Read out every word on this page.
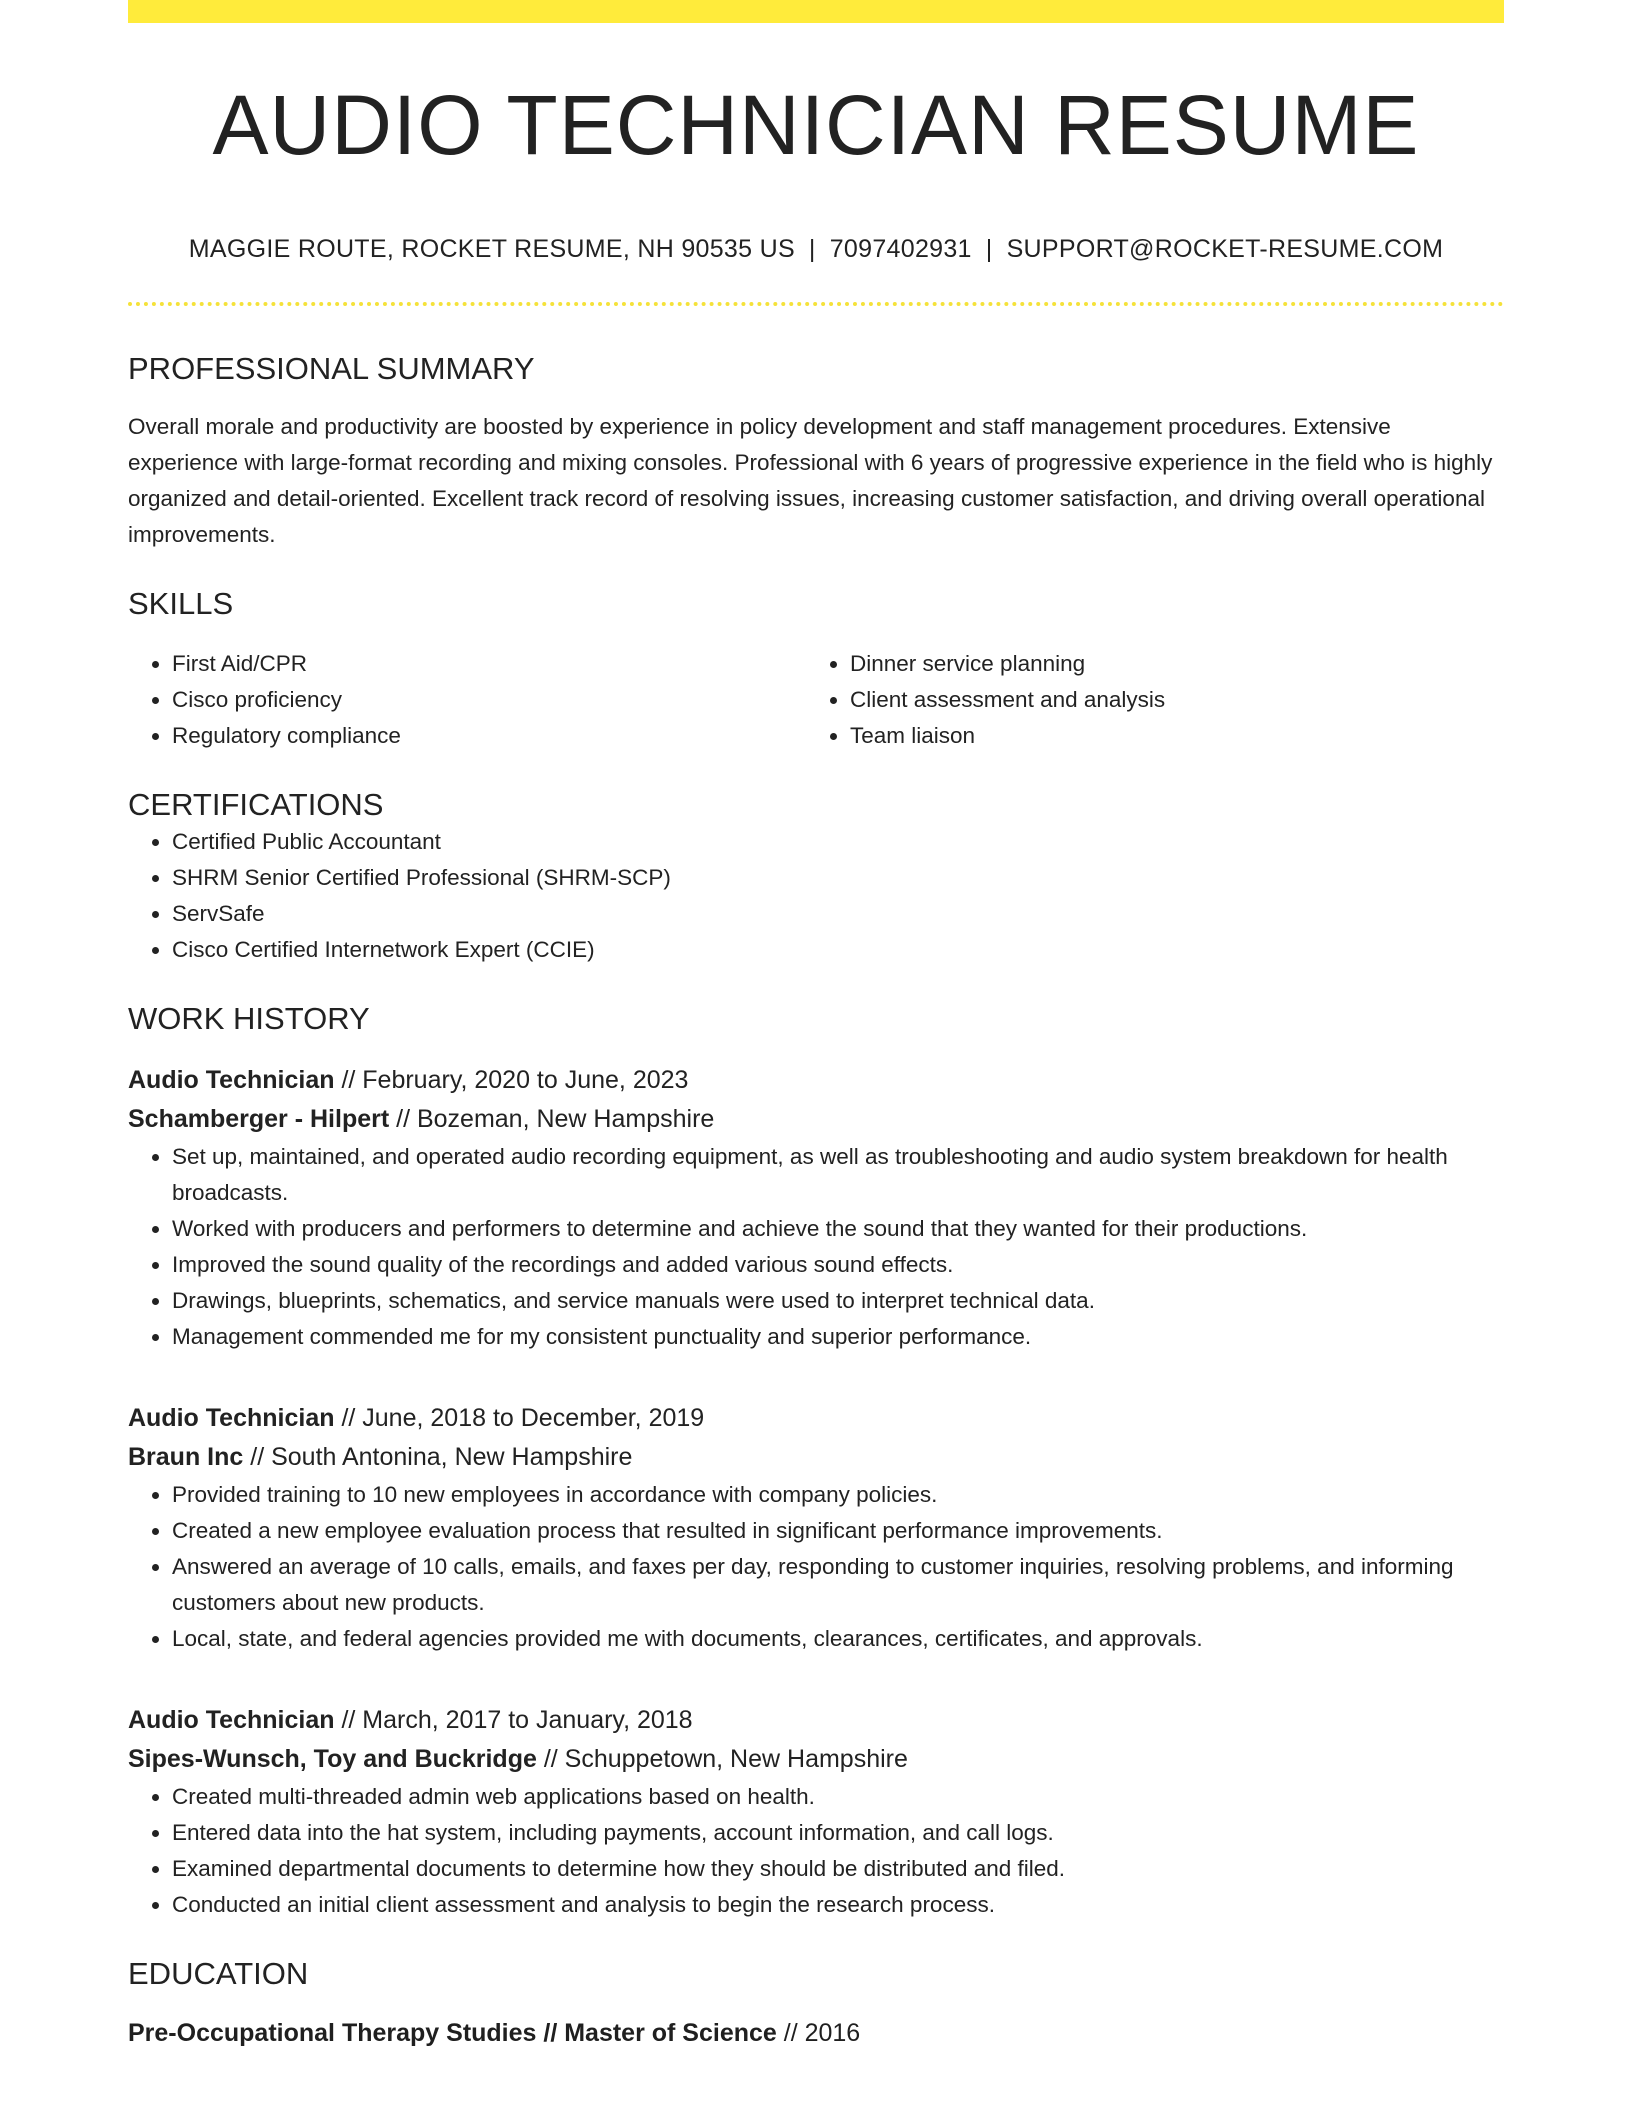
AUDIO TECHNICIAN RESUME
MAGGIE ROUTE, ROCKET RESUME, NH 90535 US | 7097402931 | SUPPORT@ROCKET-RESUME.COM
PROFESSIONAL SUMMARY

Overall morale and productivity are boosted by experience in policy development and staff management procedures. Extensive experience with large-format recording and mixing consoles. Professional with 6 years of progressive experience in the field who is highly organized and detail-oriented. Excellent track record of resolving issues, increasing customer satisfaction, and driving overall operational improvements.

SKILLS
• First Aid/CPR
• Cisco proficiency
• Regulatory compliance
• Dinner service planning
• Client assessment and analysis
• Team liaison
CERTIFICATIONS
• Certified Public Accountant
• SHRM Senior Certified Professional (SHRM-SCP)
• ServSafe
• Cisco Certified Internetwork Expert (CCIE)
WORK HISTORY
Audio Technician // February, 2020 to June, 2023
Schamberger - Hilpert // Bozeman, New Hampshire
• Set up, maintained, and operated audio recording equipment, as well as troubleshooting and audio system breakdown for health broadcasts.
• Worked with producers and performers to determine and achieve the sound that they wanted for their productions.
• Improved the sound quality of the recordings and added various sound effects.
• Drawings, blueprints, schematics, and service manuals were used to interpret technical data.
• Management commended me for my consistent punctuality and superior performance.
Audio Technician // June, 2018 to December, 2019
Braun Inc // South Antonina, New Hampshire
• Provided training to 10 new employees in accordance with company policies.
• Created a new employee evaluation process that resulted in significant performance improvements.
• Answered an average of 10 calls, emails, and faxes per day, responding to customer inquiries, resolving problems, and informing customers about new products.
• Local, state, and federal agencies provided me with documents, clearances, certificates, and approvals.
Audio Technician // March, 2017 to January, 2018
Sipes-Wunsch, Toy and Buckridge // Schuppetown, New Hampshire
• Created multi-threaded admin web applications based on health.
• Entered data into the hat system, including payments, account information, and call logs.
• Examined departmental documents to determine how they should be distributed and filed.
• Conducted an initial client assessment and analysis to begin the research process.
EDUCATION
Pre-Occupational Therapy Studies // Master of Science // 2016
